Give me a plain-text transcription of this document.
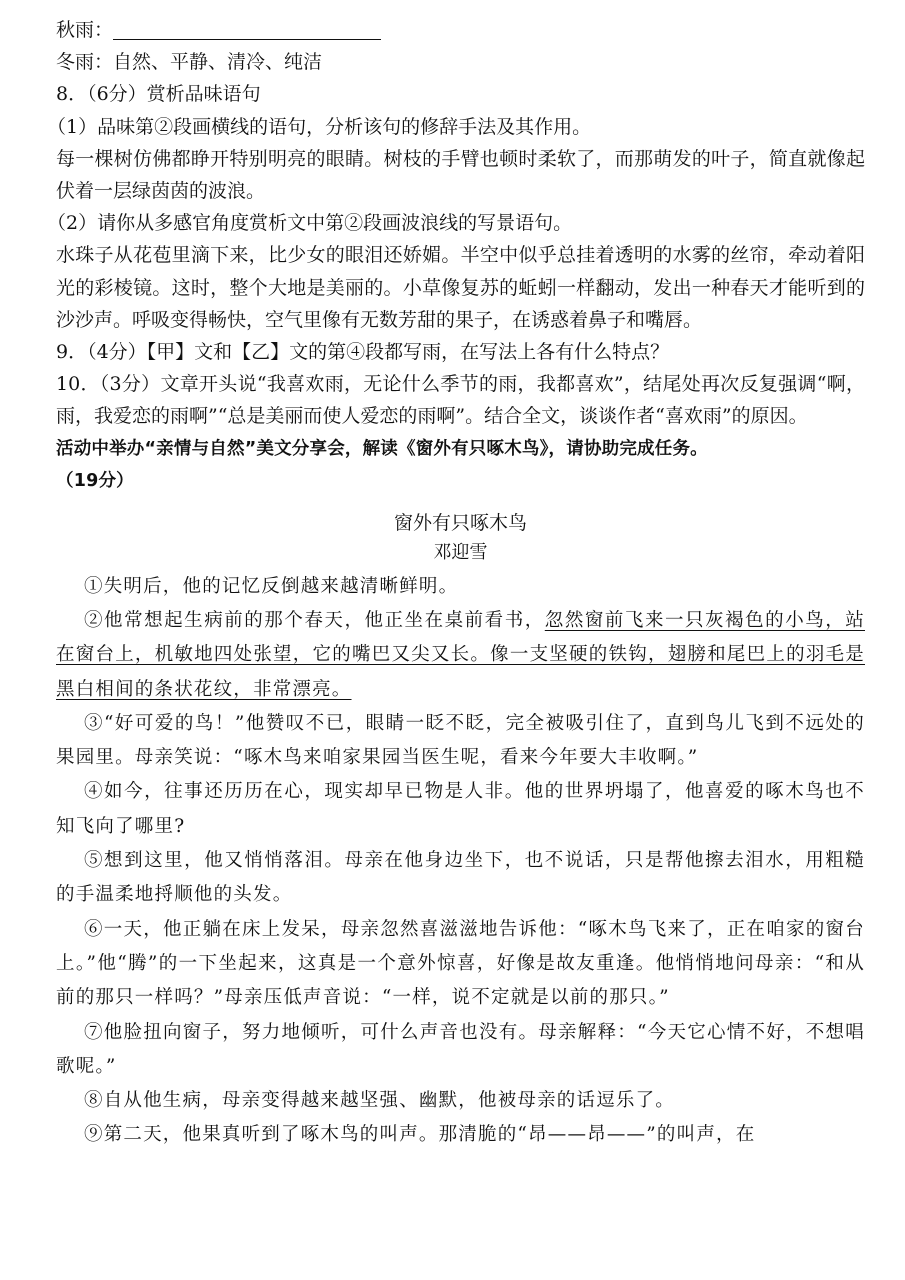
秋雨：

冬雨：自然、平静、清冷、纯洁

8．（6分）赏析品味语句

（1）品味第②段画横线的语句，分析该句的修辞手法及其作用。

每一棵树仿佛都睁开特别明亮的眼睛。树枝的手臂也顿时柔软了，而那萌发的叶子，简直就像起伏着一层绿茵茵的波浪。

（2）请你从多感官角度赏析文中第②段画波浪线的写景语句。

水珠子从花苞里滴下来，比少女的眼泪还娇媚。半空中似乎总挂着透明的水雾的丝帘，牵动着阳光的彩棱镜。这时，整个大地是美丽的。小草像复苏的蚯蚓一样翻动，发出一种春天才能听到的沙沙声。呼吸变得畅快，空气里像有无数芳甜的果子，在诱惑着鼻子和嘴唇。

9．（4分）【甲】文和【乙】文的第④段都写雨，在写法上各有什么特点？

10．（3分）文章开头说“我喜欢雨，无论什么季节的雨，我都喜欢”，结尾处再次反复强调“啊，雨，我爱恋的雨啊”“总是美丽而使人爱恋的雨啊”。结合全文，谈谈作者“喜欢雨”的原因。

活动中举办“亲情与自然”美文分享会，解读《窗外有只啄木鸟》，请协助完成任务。

（19分）

窗外有只啄木鸟

邓迎雪

①失明后，他的记忆反倒越来越清晰鲜明。

②他常想起生病前的那个春天，他正坐在桌前看书，忽然窗前飞来一只灰褐色的小鸟，站在窗台上，机敏地四处张望，它的嘴巴又尖又长。像一支坚硬的铁钩，翅膀和尾巴上的羽毛是黑白相间的条状花纹，非常漂亮。

③“好可爱的鸟！”他赞叹不已，眼睛一眨不眨，完全被吸引住了，直到鸟儿飞到不远处的果园里。母亲笑说：“啄木鸟来咱家果园当医生呢，看来今年要大丰收啊。”

④如今，往事还历历在心，现实却早已物是人非。他的世界坍塌了，他喜爱的啄木鸟也不知飞向了哪里?

⑤想到这里，他又悄悄落泪。母亲在他身边坐下，也不说话，只是帮他擦去泪水，用粗糙的手温柔地捋顺他的头发。

⑥一天，他正躺在床上发呆，母亲忽然喜滋滋地告诉他：“啄木鸟飞来了，正在咱家的窗台上。”他“腾”的一下坐起来，这真是一个意外惊喜，好像是故友重逢。他悄悄地问母亲：“和从前的那只一样吗？”母亲压低声音说：“一样，说不定就是以前的那只。”

⑦他脸扭向窗子，努力地倾听，可什么声音也没有。母亲解释：“今天它心情不好，不想唱歌呢。”

⑧自从他生病，母亲变得越来越坚强、幽默，他被母亲的话逗乐了。

⑨第二天，他果真听到了啄木鸟的叫声。那清脆的“昂——昂——”的叫声，在
